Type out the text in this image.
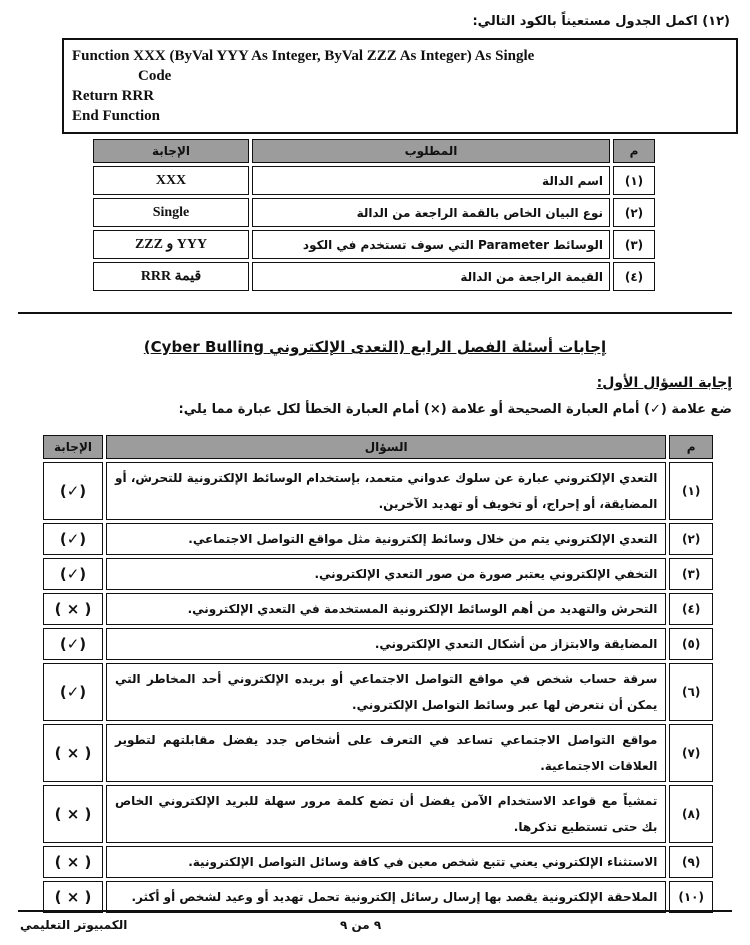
(١٢) اكمل الجدول مستعيناً بالكود التالي:
Function XXX (ByVal YYY As Integer, ByVal ZZZ As Integer) As Single
Code
Return RRR
End Function
م	المطلوب	الإجابة
(١)	اسم الدالة	XXX
(٢)	نوع البيان الخاص بالقمة الراجعة من الدالة	Single
(٣)	الوسائط Parameter التي سوف تستخدم في الكود	YYY و ZZZ
(٤)	القيمة الراجعة من الدالة	قيمة RRR
إجابات أسئلة الفصل الرابع (التعدى الإلكتروني Cyber Bulling)
إجابة السؤال الأول:
ضع علامة (✓) أمام العبارة الصحيحة أو علامة (×) أمام العبارة الخطأ لكل عبارة مما يلي:
م	السؤال	الإجابة
(١)	التعدي الإلكتروني عبارة عن سلوك عدواني متعمد، بإستخدام الوسائط الإلكترونية للتحرش، أو المضايقة، أو إحراج، أو تخويف أو تهديد الآخرين.	(✓)
(٢)	التعدي الإلكتروني يتم من خلال وسائط إلكترونية مثل مواقع التواصل الاجتماعي.	(✓)
(٣)	التخفي الإلكتروني يعتبر صورة من صور التعدي الإلكتروني.	(✓)
(٤)	التحرش والتهديد من أهم الوسائط الإلكترونية المستخدمة في التعدي الإلكتروني.	( × )
(٥)	المضايقة والابتزاز من أشكال التعدي الإلكتروني.	(✓)
(٦)	سرقة حساب شخص في مواقع التواصل الاجتماعي أو بريده الإلكتروني أحد المخاطر التي يمكن أن نتعرض لها عبر وسائط التواصل الإلكتروني.	(✓)
(٧)	مواقع التواصل الاجتماعي تساعد في التعرف على أشخاص جدد يفضل مقابلتهم لتطوير العلاقات الاجتماعية.	( × )
(٨)	تمشياً مع قواعد الاستخدام الآمن يفضل أن تضع كلمة مرور سهلة للبريد الإلكتروني الخاص بك حتى تستطيع تذكرها.	( × )
(٩)	الاستثناء الإلكتروني يعني تتبع شخص معين في كافة وسائل التواصل الإلكترونية.	( × )
(١٠)	الملاحقة الإلكترونية يقصد بها إرسال رسائل إلكترونية تحمل تهديد أو وعيد لشخص أو أكثر.	( × )
٩ من ٩
الكمبيوتر التعليمي
